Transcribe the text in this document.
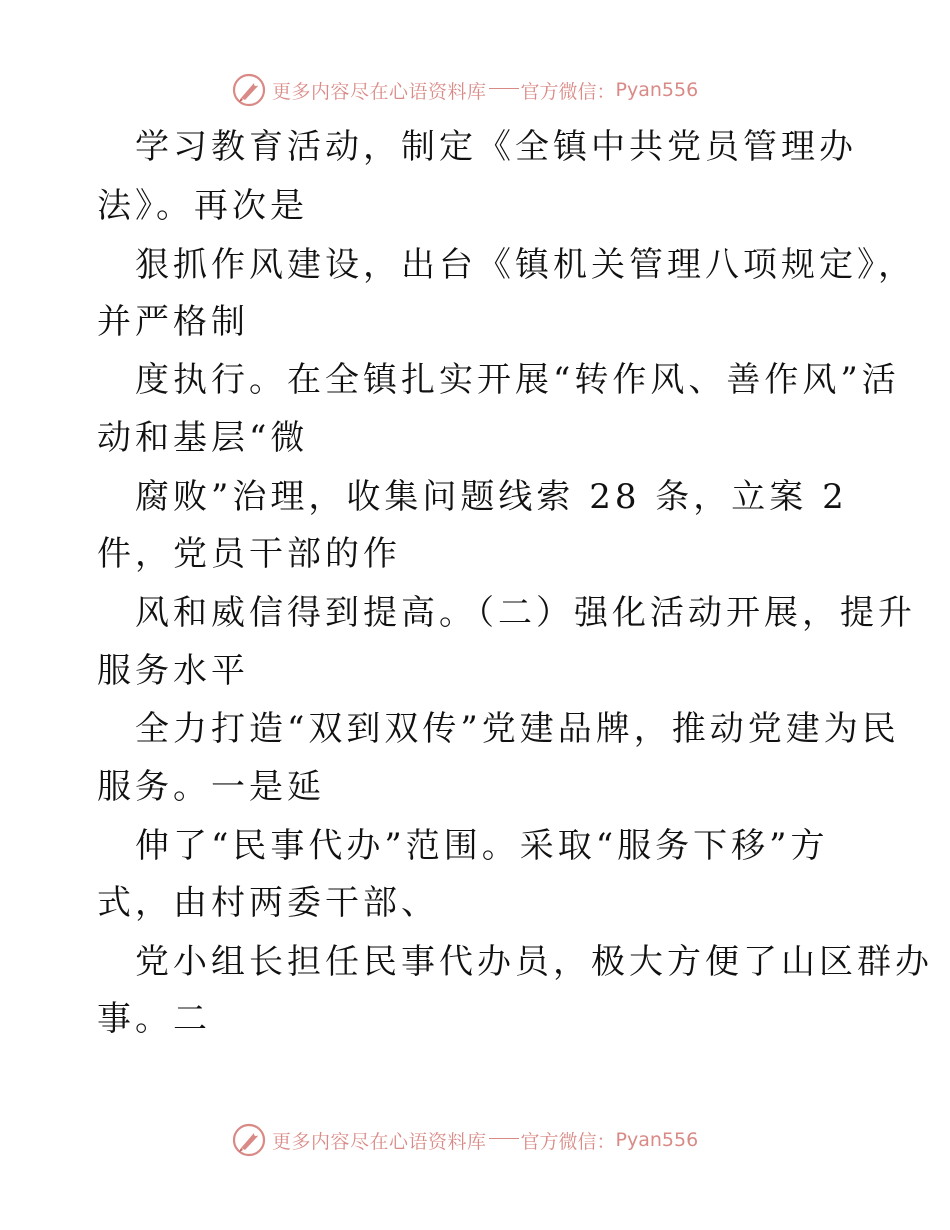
更多内容尽在心语资料库 官方微信： Pyan556
学习教育活动，制定《全镇中共党员管理办
法》。再次是
狠抓作风建设，出台《镇机关管理八项规定》，
并严格制
度执行。在全镇扎实开展“转作风、善作风”活
动和基层“微
腐败”治理，收集问题线索 28 条，立案 2
件，党员干部的作
风和威信得到提高。（二）强化活动开展，提升
服务水平
全力打造“双到双传”党建品牌，推动党建为民
服务。一是延
伸了“民事代办”范围。采取“服务下移”方
式，由村两委干部、
党小组长担任民事代办员，极大方便了山区群办
事。二
更多内容尽在心语资料库 官方微信： Pyan556
